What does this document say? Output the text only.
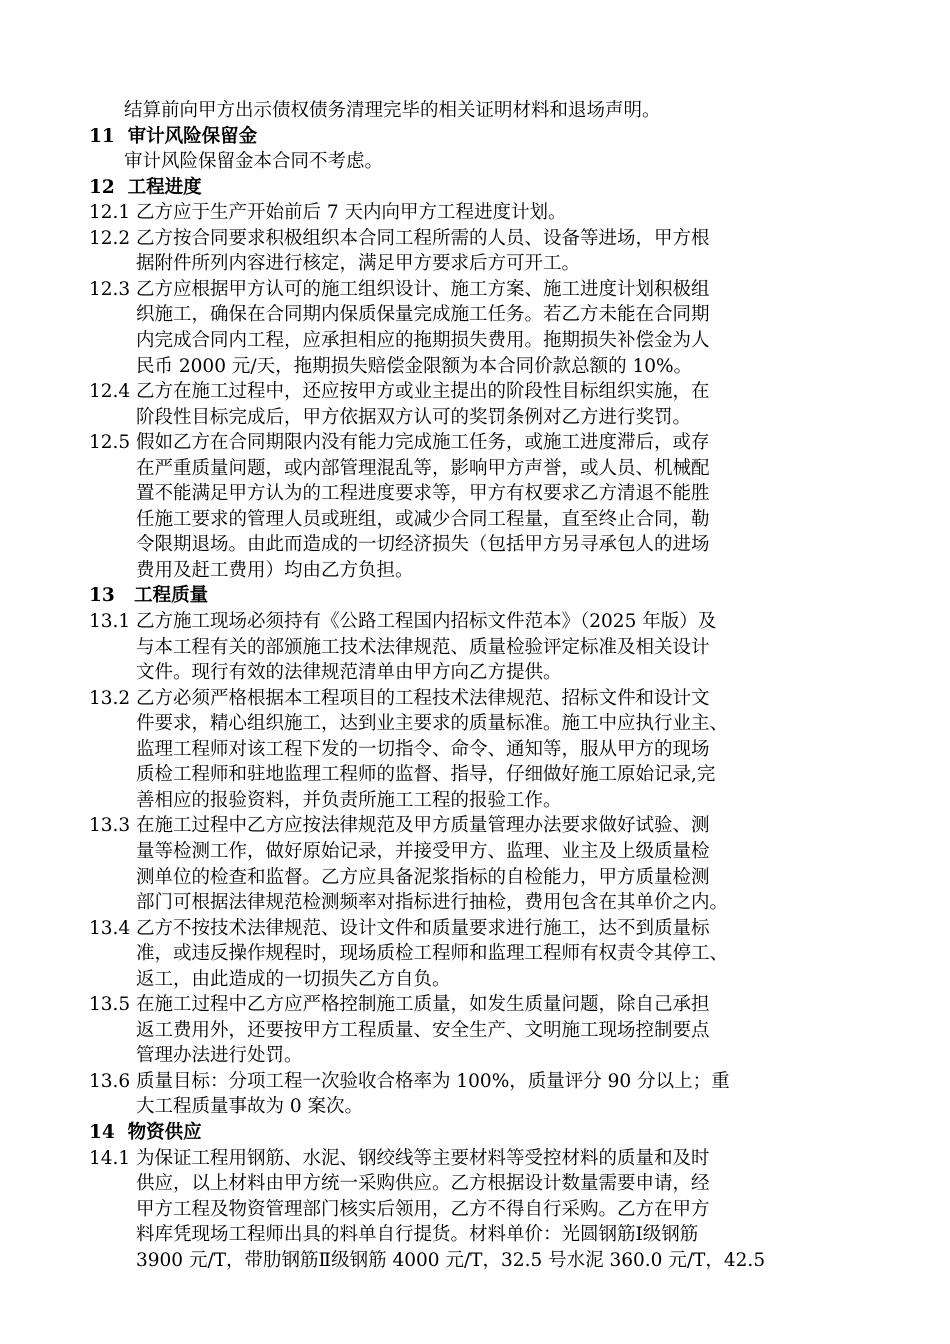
结算前向甲方出示债权债务清理完毕的相关证明材料和退场声明。
11  审计风险保留金
审计风险保留金本合同不考虑。
12  工程进度
12.1 乙方应于生产开始前后 7 天内向甲方工程进度计划。
12.2 乙方按合同要求积极组织本合同工程所需的人员、设备等进场，甲方根
据附件所列内容进行核定，满足甲方要求后方可开工。
12.3 乙方应根据甲方认可的施工组织设计、施工方案、施工进度计划积极组
织施工，确保在合同期内保质保量完成施工任务。若乙方未能在合同期
内完成合同内工程，应承担相应的拖期损失费用。拖期损失补偿金为人
民币 2000 元/天，拖期损失赔偿金限额为本合同价款总额的 10%。
12.4 乙方在施工过程中，还应按甲方或业主提出的阶段性目标组织实施，在
阶段性目标完成后，甲方依据双方认可的奖罚条例对乙方进行奖罚。
12.5 假如乙方在合同期限内没有能力完成施工任务，或施工进度滞后，或存
在严重质量问题，或内部管理混乱等，影响甲方声誉，或人员、机械配
置不能满足甲方认为的工程进度要求等，甲方有权要求乙方清退不能胜
任施工要求的管理人员或班组，或减少合同工程量，直至终止合同，勒
令限期退场。由此而造成的一切经济损失（包括甲方另寻承包人的进场
费用及赶工费用）均由乙方负担。
13   工程质量
13.1 乙方施工现场必须持有《公路工程国内招标文件范本》（2025 年版）及
与本工程有关的部颁施工技术法律规范、质量检验评定标准及相关设计
文件。现行有效的法律规范清单由甲方向乙方提供。
13.2 乙方必须严格根据本工程项目的工程技术法律规范、招标文件和设计文
件要求，精心组织施工，达到业主要求的质量标准。施工中应执行业主、
监理工程师对该工程下发的一切指令、命令、通知等，服从甲方的现场
质检工程师和驻地监理工程师的监督、指导，仔细做好施工原始记录,完
善相应的报验资料，并负责所施工工程的报验工作。
13.3 在施工过程中乙方应按法律规范及甲方质量管理办法要求做好试验、测
量等检测工作，做好原始记录，并接受甲方、监理、业主及上级质量检
测单位的检查和监督。乙方应具备泥浆指标的自检能力，甲方质量检测
部门可根据法律规范检测频率对指标进行抽检，费用包含在其单价之内。
13.4 乙方不按技术法律规范、设计文件和质量要求进行施工，达不到质量标
准，或违反操作规程时，现场质检工程师和监理工程师有权责令其停工、
返工，由此造成的一切损失乙方自负。
13.5 在施工过程中乙方应严格控制施工质量，如发生质量问题，除自己承担
返工费用外，还要按甲方工程质量、安全生产、文明施工现场控制要点
管理办法进行处罚。
13.6 质量目标：分项工程一次验收合格率为 100%，质量评分 90 分以上；重
大工程质量事故为 0 案次。
14  物资供应
14.1 为保证工程用钢筋、水泥、钢绞线等主要材料等受控材料的质量和及时
供应，以上材料由甲方统一采购供应。乙方根据设计数量需要申请，经
甲方工程及物资管理部门核实后领用，乙方不得自行采购。乙方在甲方
料库凭现场工程师出具的料单自行提货。材料单价：光圆钢筋Ⅰ级钢筋
3900 元/T，带肋钢筋Ⅱ级钢筋 4000 元/T，32.5 号水泥 360.0 元/T，42.5
